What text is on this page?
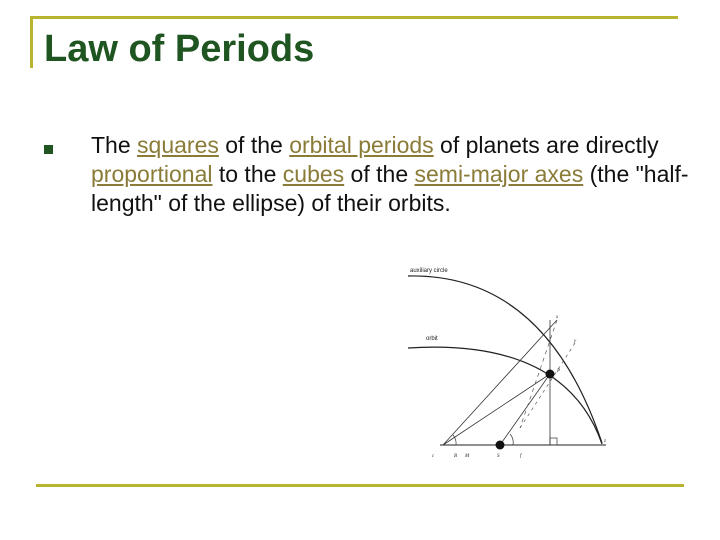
Law of Periods

The squares of the orbital periods of planets are directly proportional to the cubes of the semi-major axes (the "half-length" of the ellipse) of their orbits.

auxiliary circle
orbit
x
y
P
z
c	B M	S	f
